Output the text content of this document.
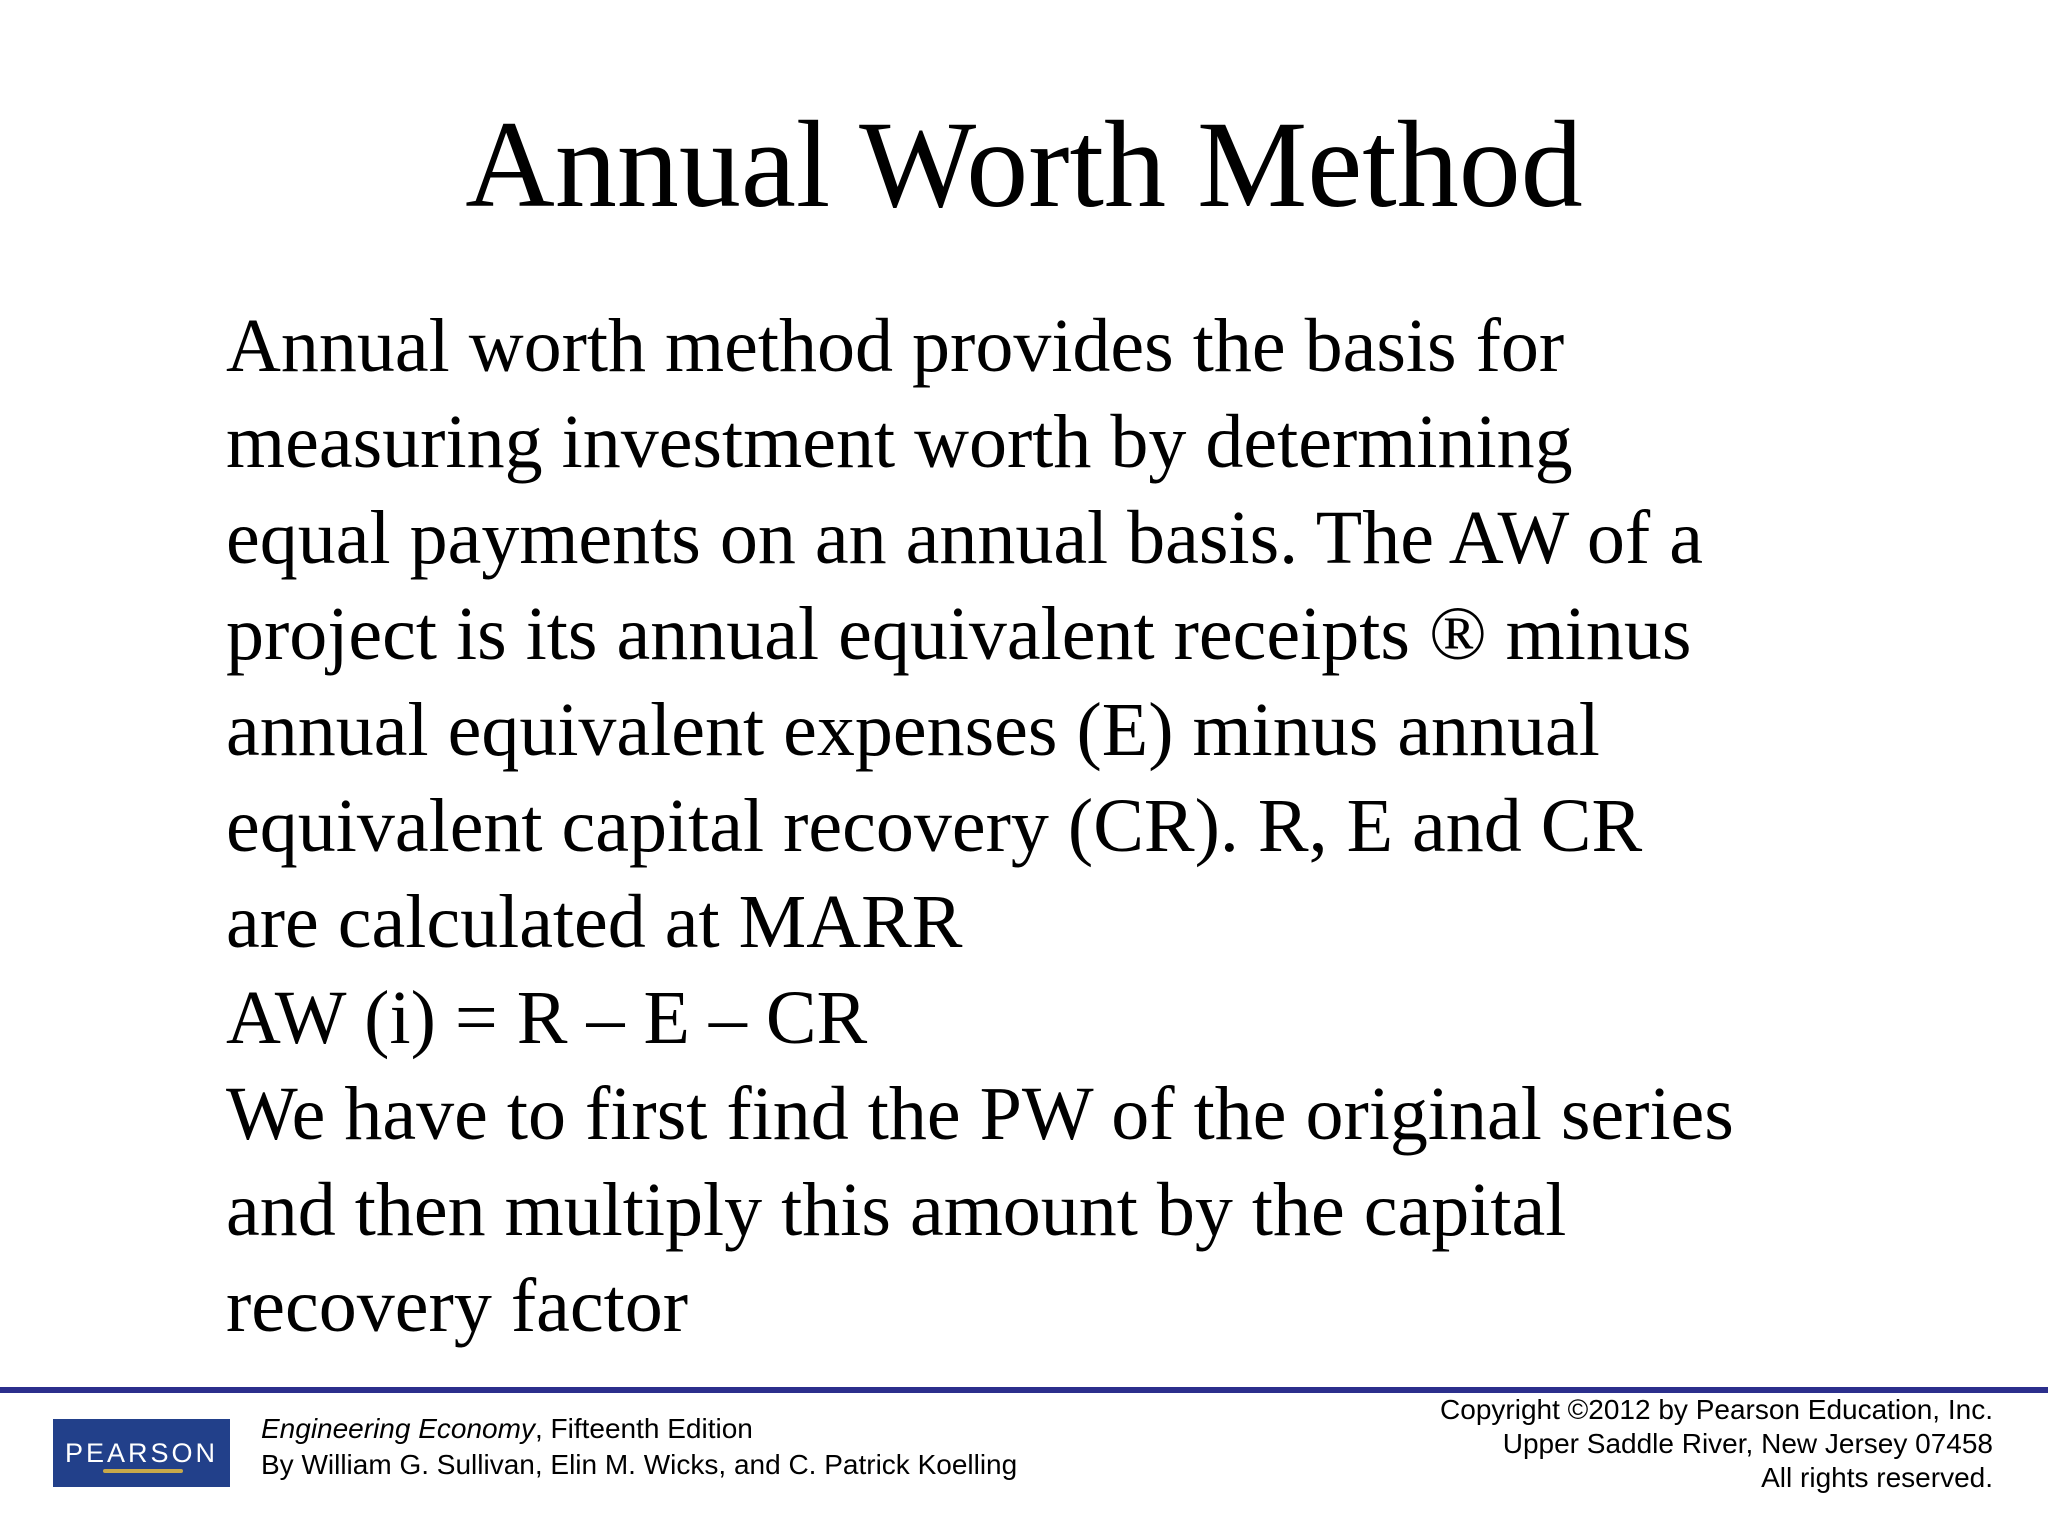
Annual Worth Method
Annual worth method provides the basis for
measuring investment worth by determining
equal payments on an annual basis. The AW of a
project is its annual equivalent receipts ® minus
annual equivalent expenses (E) minus annual
equivalent capital recovery (CR). R, E and CR
are calculated at MARR
AW (i) = R – E – CR
We have to first find the PW of the original series
and then multiply this amount by the capital
recovery factor
PEARSON
Engineering Economy, Fifteenth Edition
By William G. Sullivan, Elin M. Wicks, and C. Patrick Koelling
Copyright ©2012 by Pearson Education, Inc.
Upper Saddle River, New Jersey 07458
All rights reserved.
